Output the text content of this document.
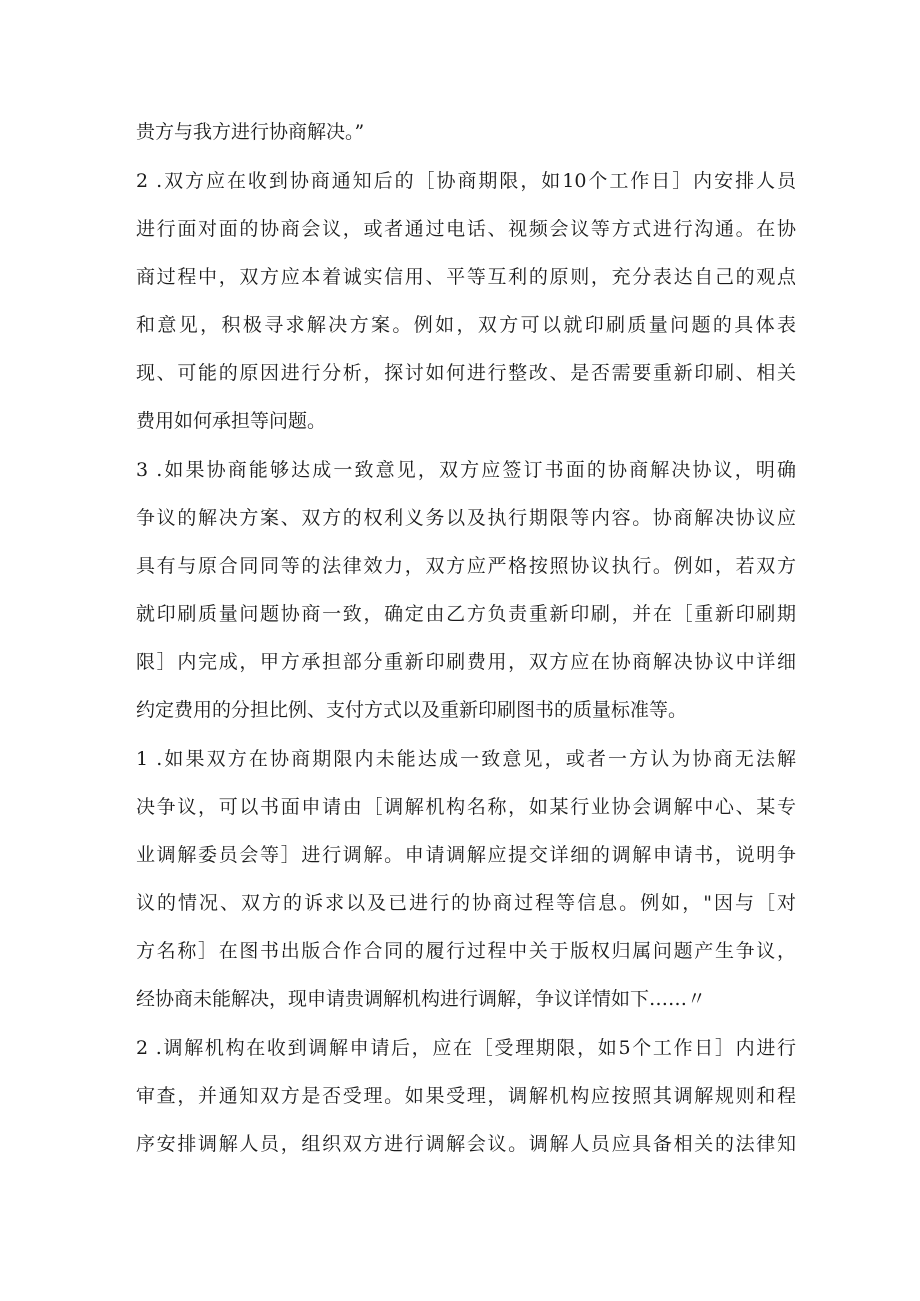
贵方与我方进行协商解决。”
2 .双方应在收到协商通知后的［协商期限，如10个工作日］内安排人员
进行面对面的协商会议，或者通过电话、视频会议等方式进行沟通。在协
商过程中，双方应本着诚实信用、平等互利的原则，充分表达自己的观点
和意见，积极寻求解决方案。例如，双方可以就印刷质量问题的具体表
现、可能的原因进行分析，探讨如何进行整改、是否需要重新印刷、相关
费用如何承担等问题。
3 .如果协商能够达成一致意见，双方应签订书面的协商解决协议，明确
争议的解决方案、双方的权利义务以及执行期限等内容。协商解决协议应
具有与原合同同等的法律效力，双方应严格按照协议执行。例如，若双方
就印刷质量问题协商一致，确定由乙方负责重新印刷，并在［重新印刷期
限］内完成，甲方承担部分重新印刷费用，双方应在协商解决协议中详细
约定费用的分担比例、支付方式以及重新印刷图书的质量标准等。
1 .如果双方在协商期限内未能达成一致意见，或者一方认为协商无法解
决争议，可以书面申请由［调解机构名称，如某行业协会调解中心、某专
业调解委员会等］进行调解。申请调解应提交详细的调解申请书，说明争
议的情况、双方的诉求以及已进行的协商过程等信息。例如，"因与［对
方名称］在图书出版合作合同的履行过程中关于版权归属问题产生争议，
经协商未能解决，现申请贵调解机构进行调解，争议详情如下……〃
2 .调解机构在收到调解申请后，应在［受理期限，如5个工作日］内进行
审查，并通知双方是否受理。如果受理，调解机构应按照其调解规则和程
序安排调解人员，组织双方进行调解会议。调解人员应具备相关的法律知
